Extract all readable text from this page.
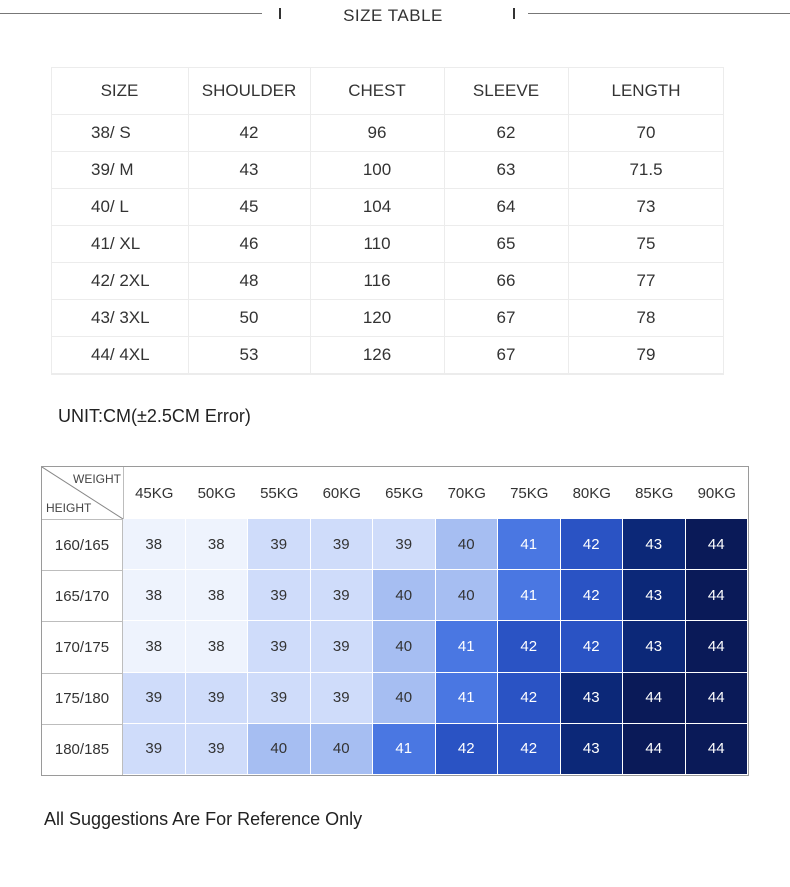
SIZE TABLE
SIZE	SHOULDER	CHEST	SLEEVE	LENGTH
38/ S	42	96	62	70
39/ M	43	100	63	71.5
40/ L	45	104	64	73
41/ XL	46	110	65	75
42/ 2XL	48	116	66	77
43/ 3XL	50	120	67	78
44/ 4XL	53	126	67	79
UNIT:CM(±2.5CM Error)
WEIGHT
HEIGHT
45KG	50KG	55KG	60KG	65KG	70KG	75KG	80KG	85KG	90KG
160/165	38	38	39	39	39	40	41	42	43	44
165/170	38	38	39	39	40	40	41	42	43	44
170/175	38	38	39	39	40	41	42	42	43	44
175/180	39	39	39	39	40	41	42	43	44	44
180/185	39	39	40	40	41	42	42	43	44	44
All Suggestions Are For Reference Only
